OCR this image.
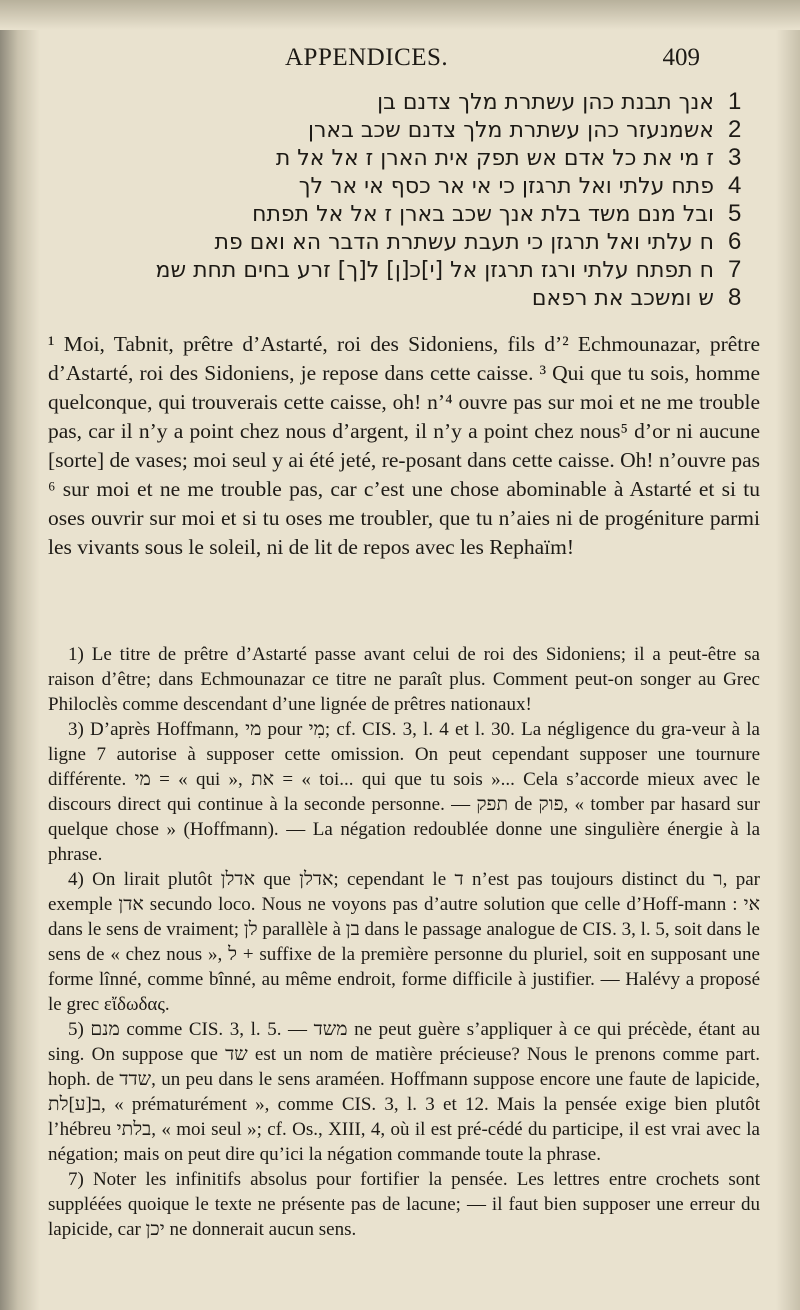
APPENDICES.	409
אנך תבנת כהן עשתרת מלך צדנם בן 1
אשמנעזר כהן עשתרת מלך צדנם שכב בארן 2
ז מי את כל אדם אש תפק אית הארן ז אל אל ת 3
פתח עלתי ואל תרגזן כי אי אר כסף אי אר לך 4
ובל מנם משד בלת אנך שכב בארן ז אל אל תפתח 5
ח עלתי ואל תרגזן כי תעבת עשתרת הדבר הא ואם פת 6
ח תפתח עלתי ורגז תרגזן אל [י]כ[ן] ל[ך] זרע בחים תחת שמ 7
ש ומשכב את רפאם 8

¹ Moi, Tabnit, prêtre d’Astarté, roi des Sidoniens, fils d’² Echmounazar, prêtre d’Astarté, roi des Sidoniens, je repose dans cette caisse. ³ Qui que tu sois, homme quelconque, qui trouverais cette caisse, oh! n’⁴ ouvre pas sur moi et ne me trouble pas, car il n’y a point chez nous d’argent, il n’y a point chez nous⁵ d’or ni aucune [sorte] de vases; moi seul y ai été jeté, re-posant dans cette caisse. Oh! n’ouvre pas ⁶ sur moi et ne me trouble pas, car c’est une chose abominable à Astarté et si tu oses ouvrir sur moi et si tu oses me troubler, que tu n’aies ni de progéniture parmi les vivants sous le soleil, ni de lit de repos avec les Rephaïm!

1) Le titre de prêtre d’Astarté passe avant celui de roi des Sidoniens; il a peut-être sa raison d’être; dans Echmounazar ce titre ne paraît plus. Comment peut-on songer au Grec Philoclès comme descendant d’une lignée de prêtres nationaux!

3) D’après Hoffmann, מי pour מִי; cf. CIS. 3, l. 4 et l. 30. La négligence du gra-veur à la ligne 7 autorise à supposer cette omission. On peut cependant supposer une tournure différente. מי = « qui », את = « toi... qui que tu sois »... Cela s’accorde mieux avec le discours direct qui continue à la seconde personne. — תפק de פוק, « tomber par hasard sur quelque chose » (Hoffmann). — La négation redoublée donne une singulière énergie à la phrase.

4) On lirait plutôt אדלן que אדלן; cependant le ד n’est pas toujours distinct du ר, par exemple אדן secundo loco. Nous ne voyons pas d’autre solution que celle d’Hoff-mann : אי dans le sens de vraiment; לן parallèle à בן dans le passage analogue de CIS. 3, l. 5, soit dans le sens de « chez nous », ל + suffixe de la première personne du pluriel, soit en supposant une forme lînné, comme bînné, au même endroit, forme difficile à justifier. — Halévy a proposé le grec εἴδωδας.

5) מנם comme CIS. 3, l. 5. — משד ne peut guère s’appliquer à ce qui précède, étant au sing. On suppose que שד est un nom de matière précieuse? Nous le prenons comme part. hoph. de שדד, un peu dans le sens araméen. Hoffmann suppose encore une faute de lapicide, ב[ע]לת, « prématurément », comme CIS. 3, l. 3 et 12. Mais la pensée exige bien plutôt l’hébreu בלתי, « moi seul »; cf. Os., XIII, 4, où il est pré-cédé du participe, il est vrai avec la négation; mais on peut dire qu’ici la négation commande toute la phrase.

7) Noter les infinitifs absolus pour fortifier la pensée. Les lettres entre crochets sont suppléées quoique le texte ne présente pas de lacune; — il faut bien supposer une erreur du lapicide, car יכן ne donnerait aucun sens.
